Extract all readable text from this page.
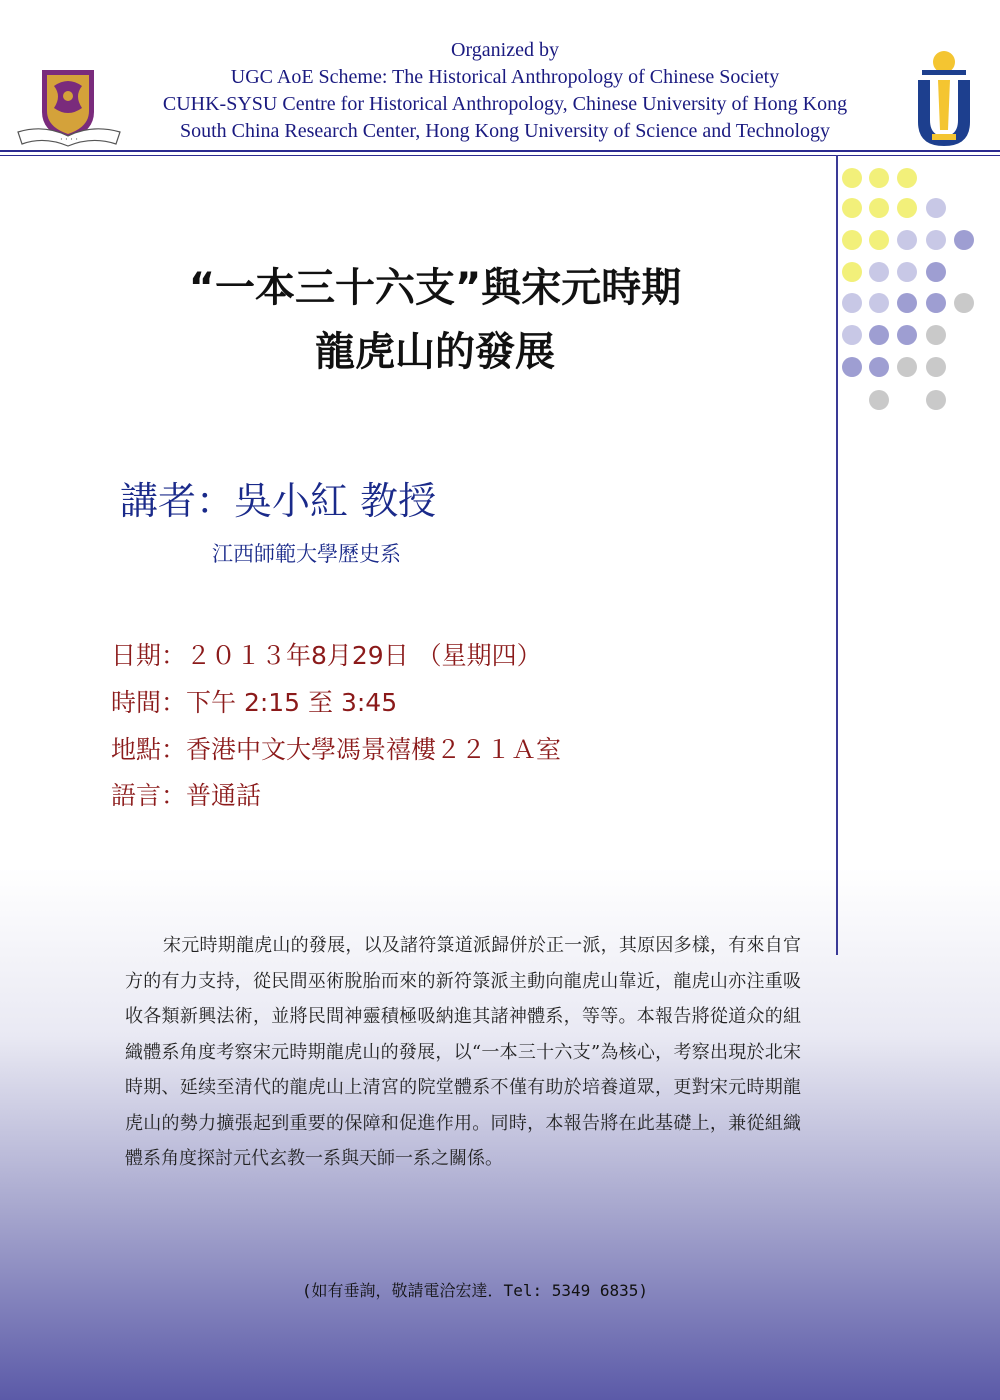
Organized by
UGC AoE Scheme: The Historical Anthropology of Chinese Society
CUHK-SYSU Centre for Historical Anthropology, Chinese University of Hong Kong
South China Research Center, Hong Kong University of Science and Technology
· · · ·
“一本三十六支”與宋元時期
龍虎山的發展
講者：吳小紅 教授
江西師範大學歷史系
日期：２０１３年8月29日 （星期四）
時間：下午 2:15 至 3:45
地點：香港中文大學馮景禧樓２２１Ａ室
語言：普通話
宋元時期龍虎山的發展，以及諸符箓道派歸併於正一派，其原因多樣，有來自官方的有力支持，從民間巫術脫胎而來的新符箓派主動向龍虎山靠近，龍虎山亦注重吸收各類新興法術，並將民間神靈積極吸納進其諸神體系，等等。本報告將從道众的組織體系角度考察宋元時期龍虎山的發展，以“一本三十六支”為核心，考察出現於北宋時期、延续至清代的龍虎山上清宮的院堂體系不僅有助於培養道眾，更對宋元時期龍虎山的勢力擴張起到重要的保障和促進作用。同時，本報告將在此基礎上，兼從組織體系角度探討元代玄教一系與天師一系之關係。
(如有垂詢，敬請電洽宏達．Tel: 5349 6835)
